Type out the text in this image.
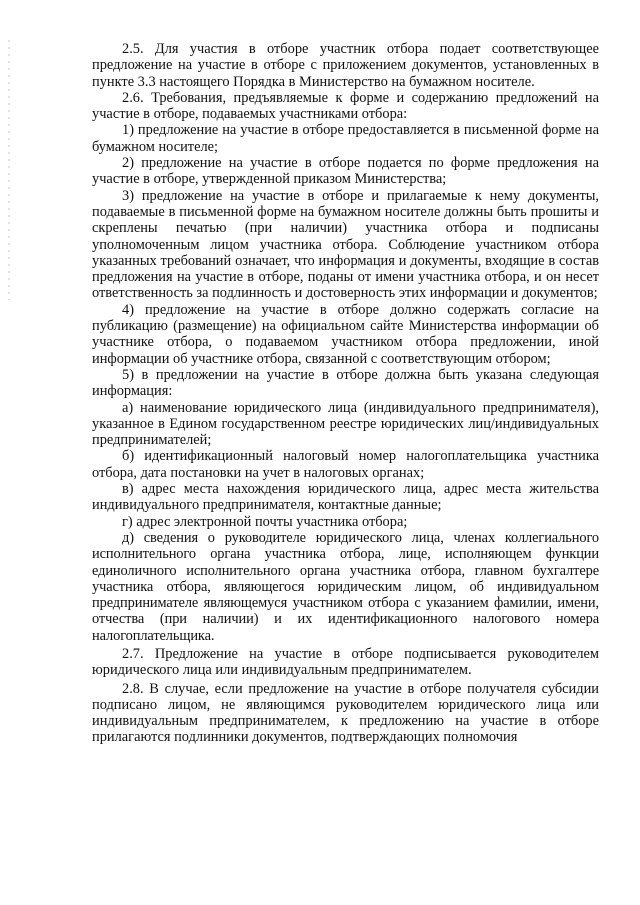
2.5. Для участия в отборе участник отбора подает соответствующее предложение на участие в отборе с приложением документов, установленных в пункте 3.3 настоящего Порядка в Министерство на бумажном носителе.

2.6. Требования, предъявляемые к форме и содержанию предложений на участие в отборе, подаваемых участниками отбора:

1) предложение на участие в отборе предоставляется в письменной форме на бумажном носителе;

2) предложение на участие в отборе подается по форме предложения на участие в отборе, утвержденной приказом Министерства;

3) предложение на участие в отборе и прилагаемые к нему документы, подаваемые в письменной форме на бумажном носителе должны быть прошиты и скреплены печатью (при наличии) участника отбора и подписаны уполномоченным лицом участника отбора. Соблюдение участником отбора указанных требований означает, что информация и документы, входящие в состав предложения на участие в отборе, поданы от имени участника отбора, и он несет ответственность за подлинность и достоверность этих информации и документов;

4) предложение на участие в отборе должно содержать согласие на публикацию (размещение) на официальном сайте Министерства информации об участнике отбора, о подаваемом участником отбора предложении, иной информации об участнике отбора, связанной с соответствующим отбором;

5) в предложении на участие в отборе должна быть указана следующая информация:

а) наименование юридического лица (индивидуального предпринимателя), указанное в Едином государственном реестре юридических лиц/индивидуальных предпринимателей;

б) идентификационный налоговый номер налогоплательщика участника отбора, дата постановки на учет в налоговых органах;

в) адрес места нахождения юридического лица, адрес места жительства индивидуального предпринимателя, контактные данные;

г) адрес электронной почты участника отбора;

д) сведения о руководителе юридического лица, членах коллегиального исполнительного органа участника отбора, лице, исполняющем функции единоличного исполнительного органа участника отбора, главном бухгалтере участника отбора, являющегося юридическим лицом, об индивидуальном предпринимателе являющемуся участником отбора с указанием фамилии, имени, отчества (при наличии) и их идентификационного налогового номера налогоплательщика.

2.7. Предложение на участие в отборе подписывается руководителем юридического лица или индивидуальным предпринимателем.

2.8. В случае, если предложение на участие в отборе получателя субсидии подписано лицом, не являющимся руководителем юридического лица или индивидуальным предпринимателем, к предложению на участие в отборе прилагаются подлинники документов, подтверждающих полномочия
